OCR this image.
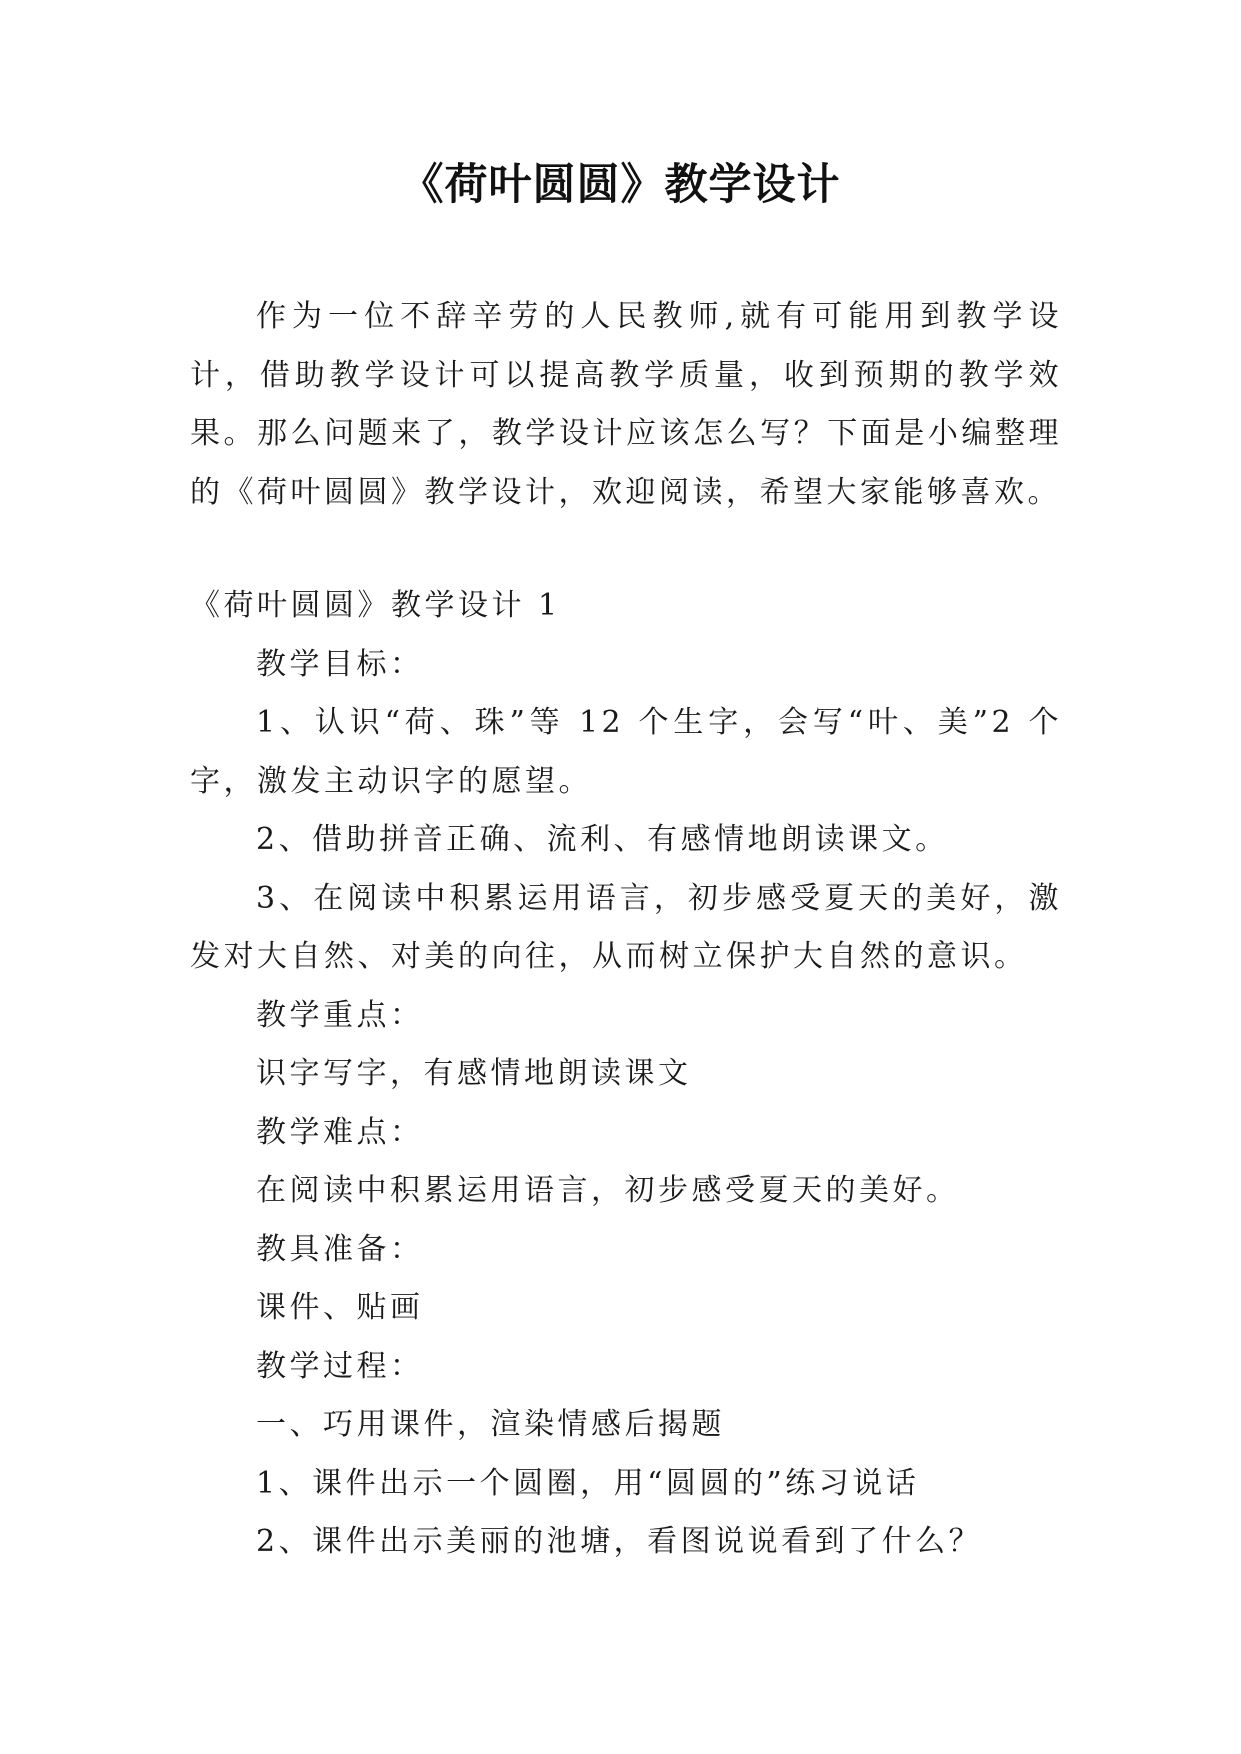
《荷叶圆圆》教学设计

作为一位不辞辛劳的人民教师,就有可能用到教学设计，借助教学设计可以提高教学质量，收到预期的教学效果。那么问题来了，教学设计应该怎么写？下面是小编整理的《荷叶圆圆》教学设计，欢迎阅读，希望大家能够喜欢。

《荷叶圆圆》教学设计 1

教学目标：

1、认识“荷、珠”等 12 个生字，会写“叶、美”2 个字，激发主动识字的愿望。

2、借助拼音正确、流利、有感情地朗读课文。

3、在阅读中积累运用语言，初步感受夏天的美好，激发对大自然、对美的向往，从而树立保护大自然的意识。

教学重点：

识字写字，有感情地朗读课文

教学难点：

在阅读中积累运用语言，初步感受夏天的美好。

教具准备：

课件、贴画

教学过程：

一、巧用课件，渲染情感后揭题

1、课件出示一个圆圈，用“圆圆的”练习说话

2、课件出示美丽的池塘，看图说说看到了什么？
